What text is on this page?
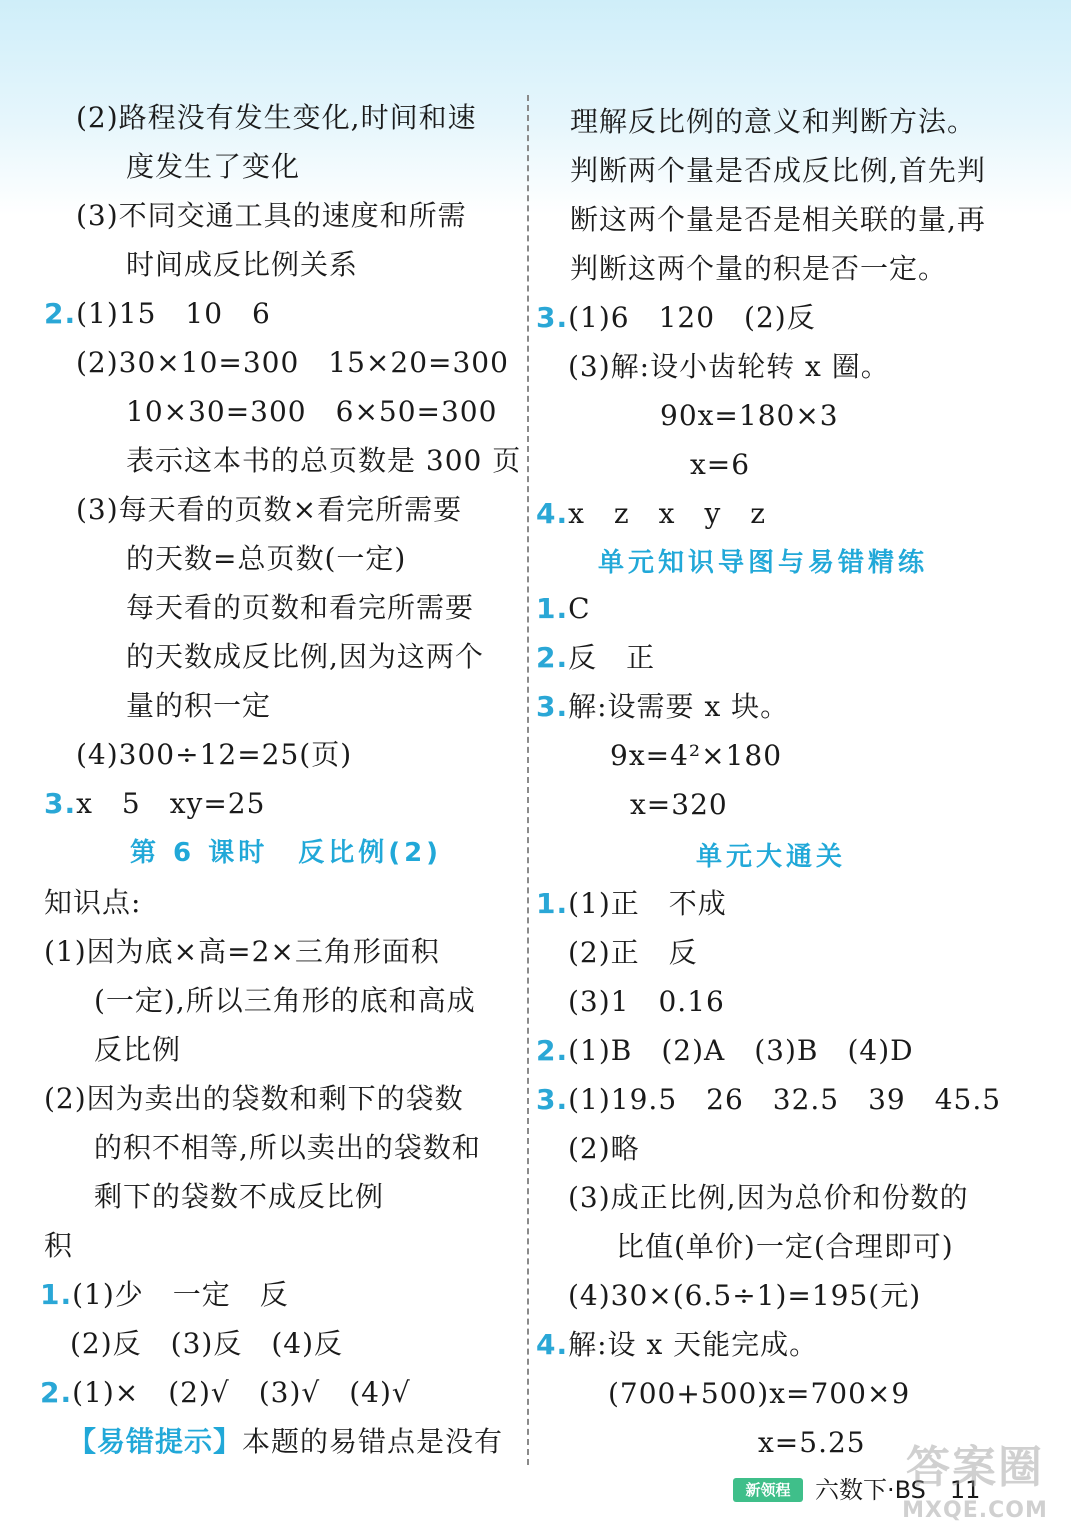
(2)路程没有发生变化,时间和速
度发生了变化
(3)不同交通工具的速度和所需
时间成反比例关系
2.(1)15　10　6
(2)30×10=300　15×20=300
10×30=300　6×50=300
表示这本书的总页数是 300 页
(3)每天看的页数×看完所需要
的天数=总页数(一定)
每天看的页数和看完所需要
的天数成反比例,因为这两个
量的积一定
(4)300÷12=25(页)
3.x　5　xy=25
知识点:
(1)因为底×高=2×三角形面积
(一定),所以三角形的底和高成
反比例
(2)因为卖出的袋数和剩下的袋数
的积不相等,所以卖出的袋数和
剩下的袋数不成反比例
积
1.(1)少　一定　反
(2)反　(3)反　(4)反
2.(1)×　(2)√　(3)√　(4)√
理解反比例的意义和判断方法。
判断两个量是否成反比例,首先判
断这两个量是否是相关联的量,再
判断这两个量的积是否一定。
3.(1)6　120　(2)反
(3)解:设小齿轮转 x 圈。
90x=180×3
x=6
4.x　z　x　y　z
1.C
2.反　正
3.解:设需要 x 块。
9x=4²×180
x=320
1.(1)正　不成
(2)正　反
(3)1　0.16
2.(1)B　(2)A　(3)B　(4)D
3.(1)19.5　26　32.5　39　45.5
(2)略
(3)成正比例,因为总价和份数的
比值(单价)一定(合理即可)
(4)30×(6.5÷1)=195(元)
4.解:设 x 天能完成。
(700+500)x=700×9
x=5.25
第 6 课时　反比例(2)
单元知识导图与易错精练
单元大通关
【易错提示】本题的易错点是没有
新领程	六数下·BS　11
答案圈
MXQE.COM
